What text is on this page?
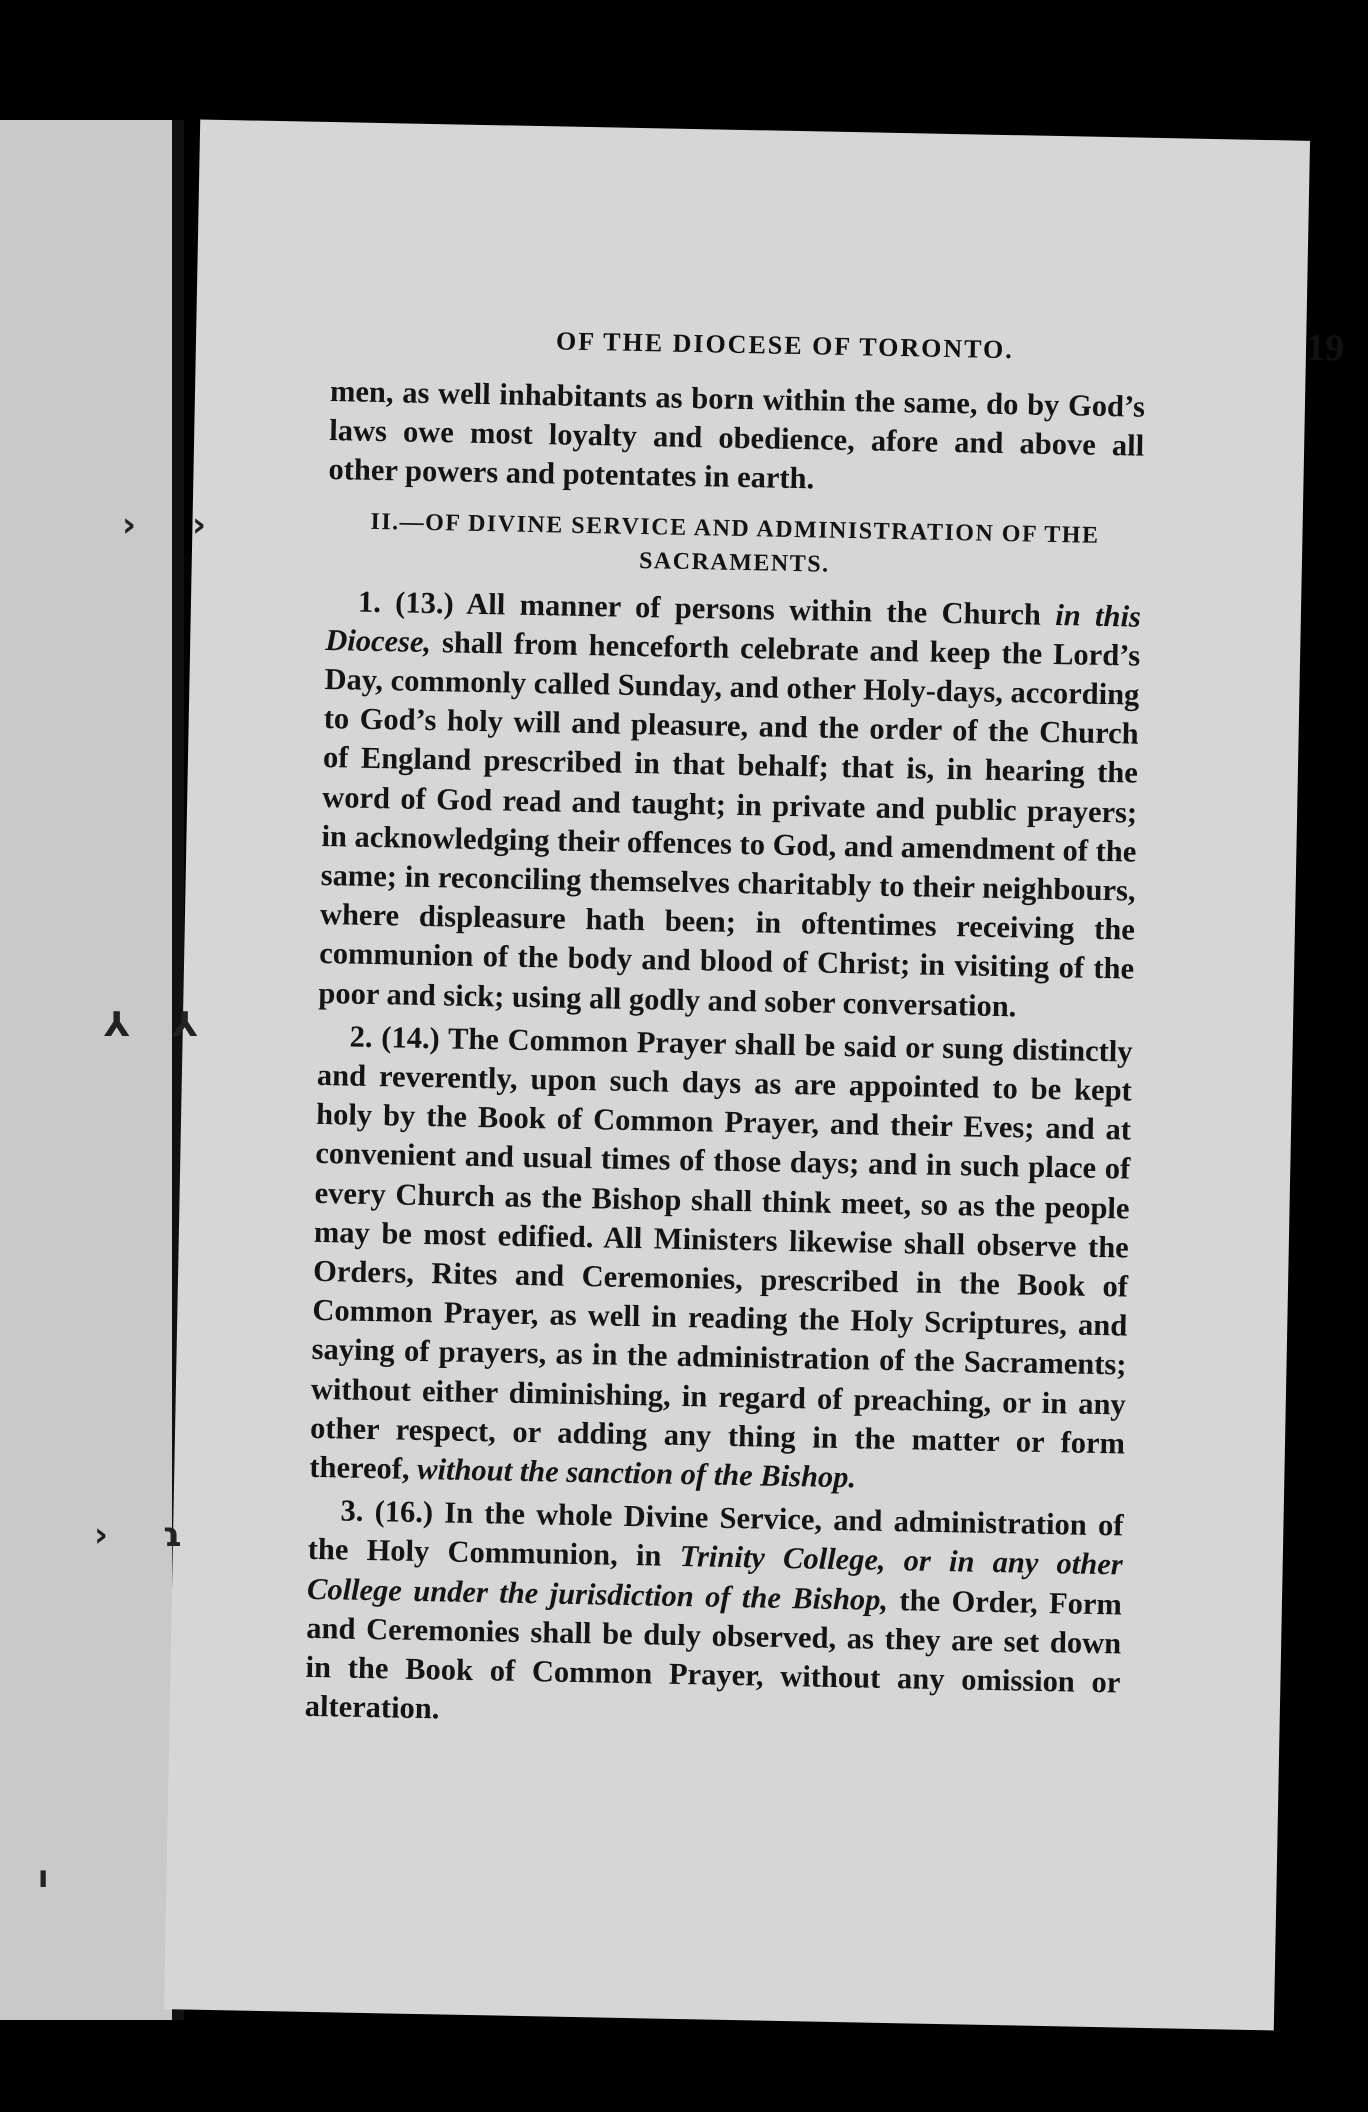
OF THE DIOCESE OF TORONTO.	19

men, as well inhabitants as born within the same, do by God’s laws owe most loyalty and obedience, afore and above all other powers and potentates in earth.

II.—OF DIVINE SERVICE AND ADMINISTRATION OF THE
SACRAMENTS.

1. (13.) All manner of persons within the Church in this Diocese, shall from henceforth celebrate and keep the Lord’s Day, commonly called Sunday, and other Holy-days, according to God’s holy will and pleasure, and the order of the Church of England prescribed in that behalf; that is, in hearing the word of God read and taught; in private and public prayers; in acknowledging their offences to God, and amendment of the same; in reconciling themselves charitably to their neighbours, where displeasure hath been; in oftentimes receiving the communion of the body and blood of Christ; in visiting of the poor and sick; using all godly and sober conversation.

2. (14.) The Common Prayer shall be said or sung distinctly and reverently, upon such days as are appointed to be kept holy by the Book of Common Prayer, and their Eves; and at convenient and usual times of those days; and in such place of every Church as the Bishop shall think meet, so as the people may be most edified. All Ministers likewise shall observe the Orders, Rites and Ceremonies, prescribed in the Book of Common Prayer, as well in reading the Holy Scriptures, and saying of prayers, as in the administration of the Sacraments; without either diminishing, in regard of preaching, or in any other respect, or adding any thing in the matter or form thereof, without the sanction of the Bishop.

3. (16.) In the whole Divine Service, and administration of the Holy Communion, in Trinity College, or in any other College under the jurisdiction of the Bishop, the Order, Form and Ceremonies shall be duly observed, as they are set down in the Book of Common Prayer, without any omission or alteration.

› ›
⅄ ⅄
› ɿ
ı
